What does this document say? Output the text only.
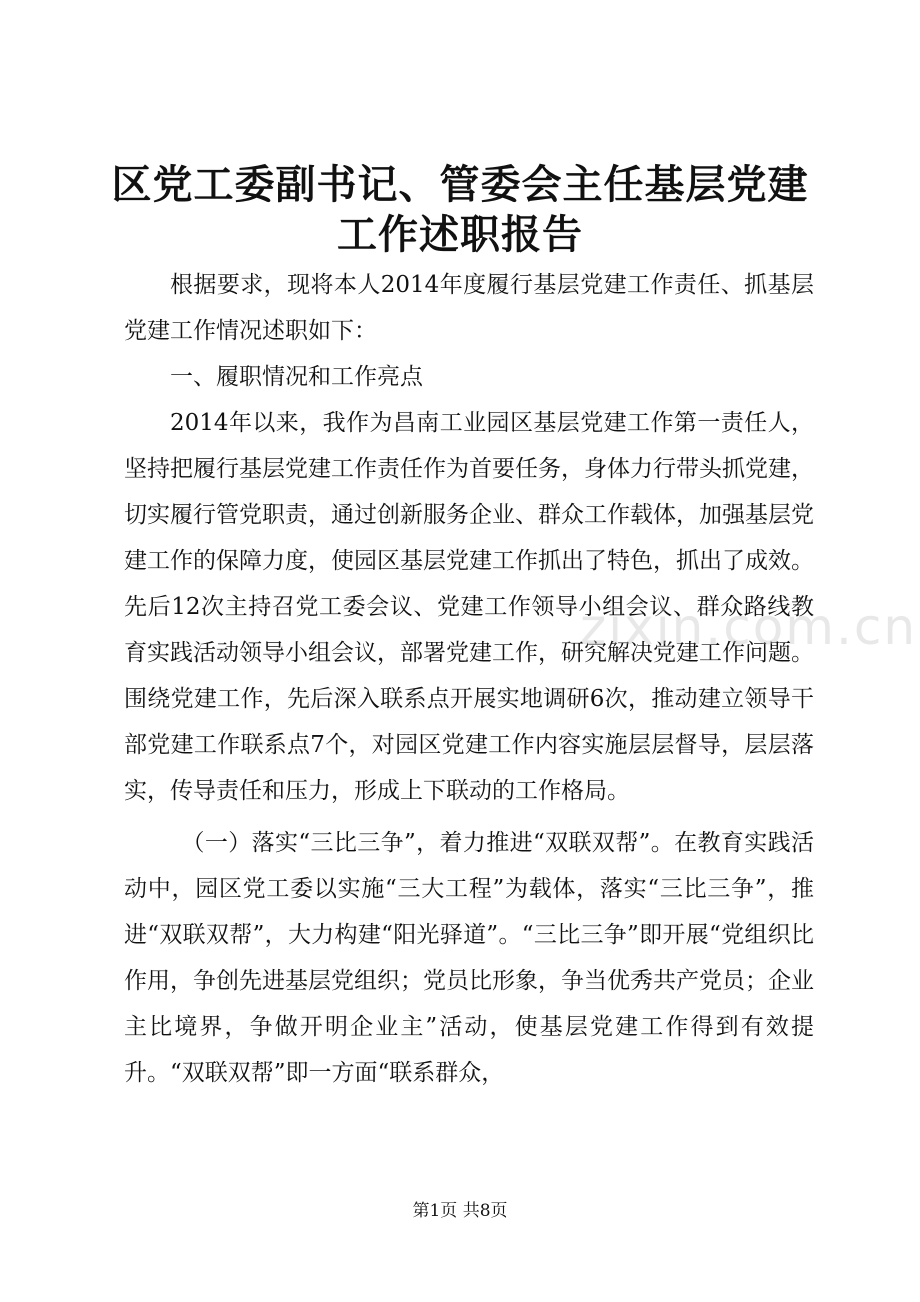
区党工委副书记、管委会主任基层党建工作述职报告

根据要求，现将本人2014年度履行基层党建工作责任、抓基层党建工作情况述职如下：

一、履职情况和工作亮点

2014年以来，我作为昌南工业园区基层党建工作第一责任人，坚持把履行基层党建工作责任作为首要任务，身体力行带头抓党建，切实履行管党职责，通过创新服务企业、群众工作载体，加强基层党建工作的保障力度，使园区基层党建工作抓出了特色，抓出了成效。先后12次主持召党工委会议、党建工作领导小组会议、群众路线教育实践活动领导小组会议，部署党建工作，研究解决党建工作问题。围绕党建工作，先后深入联系点开展实地调研6次，推动建立领导干部党建工作联系点7个，对园区党建工作内容实施层层督导，层层落实，传导责任和压力，形成上下联动的工作格局。

（一）落实“三比三争”，着力推进“双联双帮”。在教育实践活动中，园区党工委以实施“三大工程”为载体，落实“三比三争”，推进“双联双帮”，大力构建“阳光驿道”。“三比三争”即开展“党组织比作用，争创先进基层党组织；党员比形象，争当优秀共产党员；企业主比境界，争做开明企业主”活动，使基层党建工作得到有效提升。“双联双帮”即一方面“联系群众，

zixin.com.cn
第1页 共8页
